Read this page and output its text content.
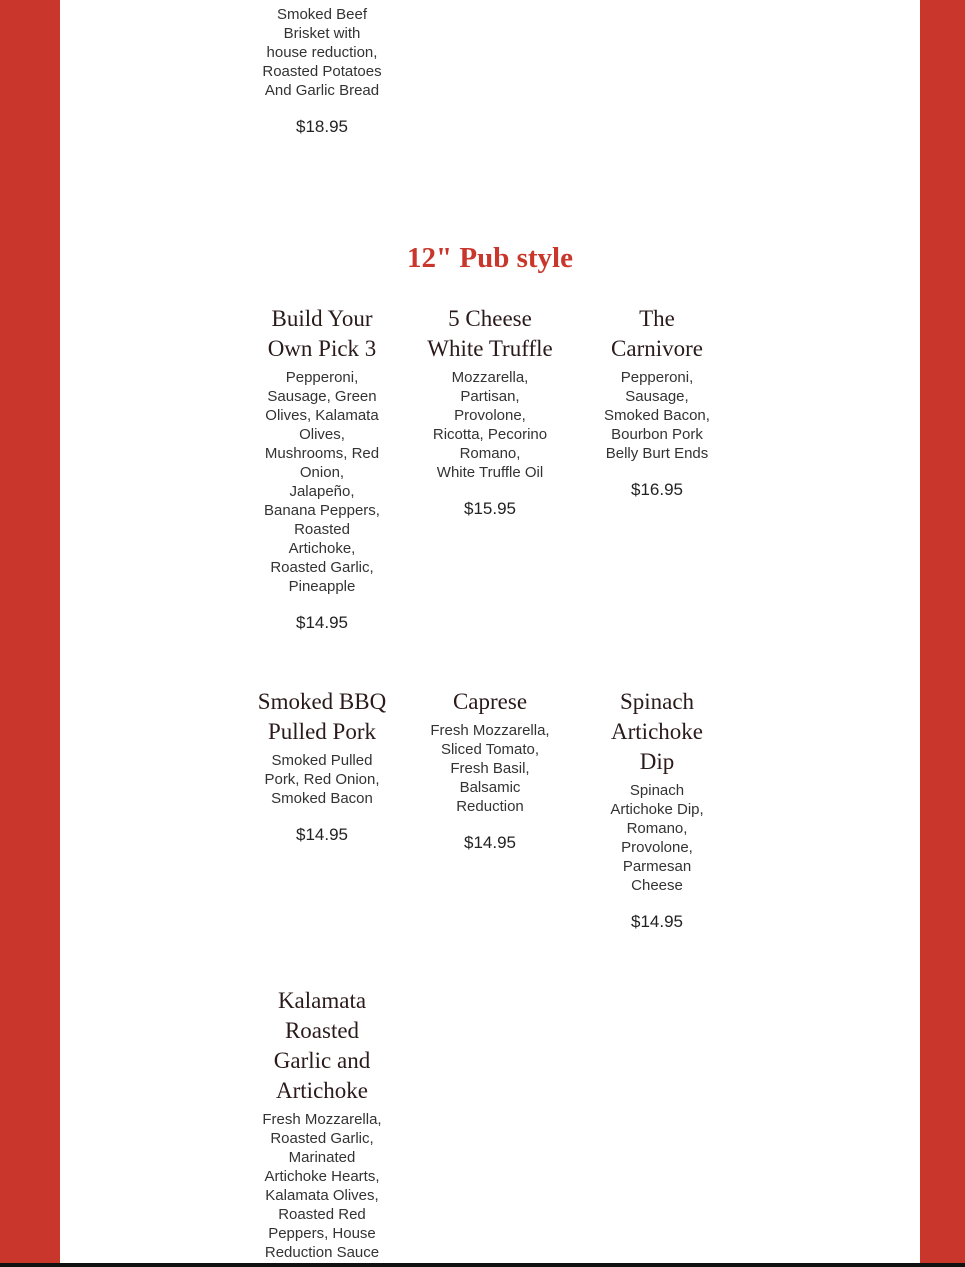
Smoked Beef
Brisket with
house reduction,
Roasted Potatoes
And Garlic Bread
$18.95
12" Pub style
Build Your
Own Pick 3
Pepperoni,
Sausage, Green
Olives, Kalamata
Olives,
Mushrooms, Red
Onion,
Jalapeño,
Banana Peppers,
Roasted
Artichoke,
Roasted Garlic,
Pineapple
$14.95
5 Cheese
White Truffle
Mozzarella,
Partisan,
Provolone,
Ricotta, Pecorino
Romano,
White Truffle Oil
$15.95
The
Carnivore
Pepperoni,
Sausage,
Smoked Bacon,
Bourbon Pork
Belly Burt Ends
$16.95
Smoked BBQ
Pulled Pork
Smoked Pulled
Pork, Red Onion,
Smoked Bacon
$14.95
Caprese
Fresh Mozzarella,
Sliced Tomato,
Fresh Basil,
Balsamic
Reduction
$14.95
Spinach
Artichoke
Dip
Spinach
Artichoke Dip,
Romano,
Provolone,
Parmesan
Cheese
$14.95
Kalamata
Roasted
Garlic and
Artichoke
Fresh Mozzarella,
Roasted Garlic,
Marinated
Artichoke Hearts,
Kalamata Olives,
Roasted Red
Peppers, House
Reduction Sauce
